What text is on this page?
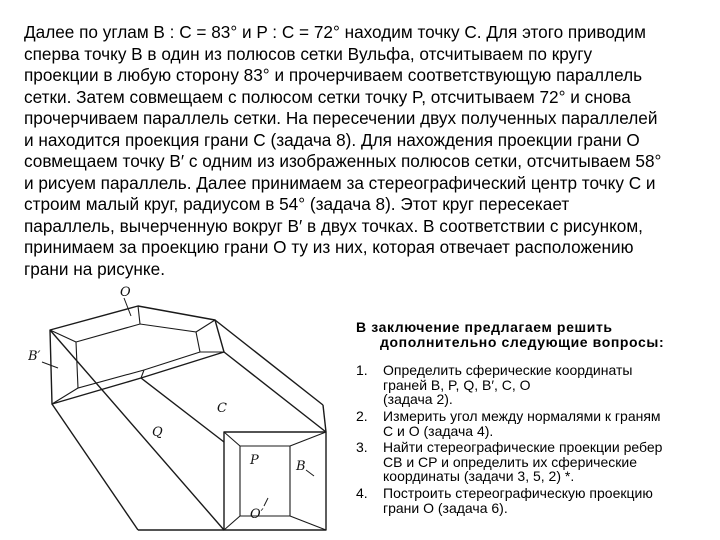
Далее по углам B : C = 83° и P : C = 72° находим точку C. Для этого приводим
сперва точку B в один из полюсов сетки Вульфа, отсчитываем по кругу
проекции в любую сторону 83° и прочерчиваем соответствующую параллель
сетки. Затем совмещаем с полюсом сетки точку P, отсчитываем 72° и снова
прочерчиваем параллель сетки. На пересечении двух полученных параллелей
и находится проекция грани C (задача 8). Для нахождения проекции грани O
совмещаем точку B′ с одним из изображенных полюсов сетки, отсчитываем 58°
и рисуем параллель. Далее принимаем за стереографический центр точку C и
строим малый круг, радиусом в 54° (задача 8). Этот круг пересекает
параллель, вычерченную вокруг B′ в двух точках. В соответствии с рисунком,
принимаем за проекцию грани O ту из них, которая отвечает расположению
грани на рисунке.
O
B′
C
Q
P	B
O′
В заключение предлагаем решить
дополнительно следующие вопросы:
1.	Определить сферические координаты
граней B, P, Q, B′, C, O
(задача 2).
2.	Измерить угол между нормалями к граням
C и O (задача 4).
3.	Найти стереографические проекции ребер
CB и CP и определить их сферические
координаты (задачи 3, 5, 2) *.
4.	Построить стереографическую проекцию
грани O (задача 6).
